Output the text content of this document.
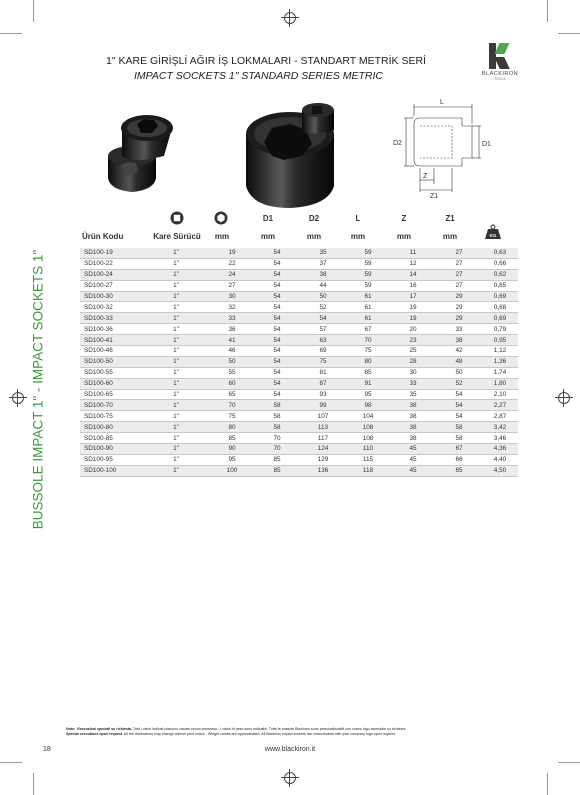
BUSSOLE IMPACT 1" - IMPACT SOCKETS 1"
1" KARE GİRİŞLİ AĞIR İŞ LOKMALARI - STANDART METRİK SERİ
IMPACT SOCKETS 1" STANDARD SERIES METRIC	BLACKIRON
TOOLS
L
D2	D1
Z
Z1
KG
D1	D2	L	Z	Z1
Ürün Kodu	Kare Sürücü	mm	mm	mm	mm	mm	mm
SD100-19	1"	19	54	35	59	11	27	0,63
SD100-22	1"	22	54	37	59	12	27	0,66
SD100-24	1"	24	54	38	59	14	27	0,62
SD100-27	1"	27	54	44	59	16	27	0,65
SD100-30	1"	30	54	50	61	17	29	0,69
SD100-32	1"	32	54	52	61	19	29	0,68
SD100-33	1"	33	54	54	61	19	29	0,69
SD100-36	1"	36	54	57	67	20	33	0,79
SD100-41	1"	41	54	63	70	23	38	0,95
SD100-46	1"	46	54	69	75	25	42	1,12
SD100-50	1"	50	54	75	80	28	48	1,36
SD100-55	1"	55	54	81	85	30	50	1,74
SD100-60	1"	60	54	87	91	33	52	1,80
SD100-65	1"	65	54	93	95	35	54	2,10
SD100-70	1"	70	58	99	98	38	54	2,27
SD100-75	1"	75	58	107	104	38	54	2,87
SD100-80	1"	80	58	113	108	38	58	3,42
SD100-85	1"	85	70	117	108	38	58	3,46
SD100-90	1"	90	70	124	110	45	67	4,36
SD100-95	1"	95	85	129	115	45	66	4,40
SD100-100	1"	100	85	136	118	45	65	4,50
Note: Esecuzioni speciali su richiesta. Tutti i valori indicati possono variare senza preavviso - I valori di peso sono indicativi. Tutte le bussole Blackiron sono personalizzabili con vostro logo aziendale su richiesta.
Special executions upon request. All the dimensions may change without prior notice - Weight values are approximated. All Blackiron impact sockets are customizable with your company logo upon request.
18	www.blackiron.it
